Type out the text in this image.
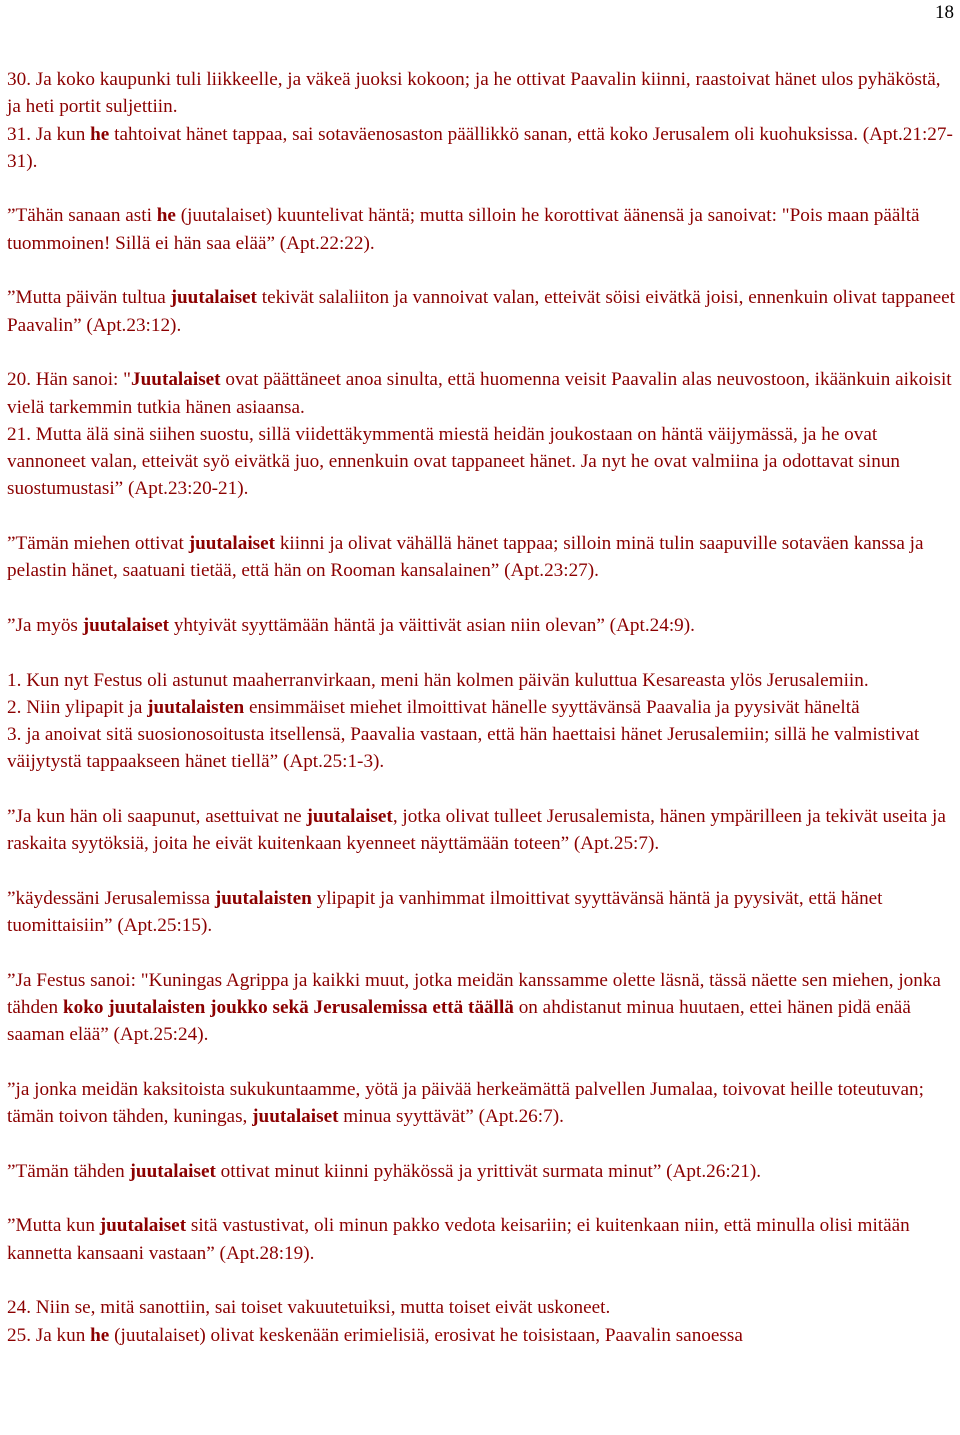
18
30. Ja koko kaupunki tuli liikkeelle, ja väkeä juoksi kokoon; ja he ottivat Paavalin kiinni, raastoivat hänet ulos pyhäköstä, ja heti portit suljettiin.
31. Ja kun he tahtoivat hänet tappaa, sai sotaväenosaston päällikkö sanan, että koko Jerusalem oli kuohuksissa. (Apt.21:27-31).
”Tähän sanaan asti he (juutalaiset) kuuntelivat häntä; mutta silloin he korottivat äänensä ja sanoivat: "Pois maan päältä tuommoinen! Sillä ei hän saa elää” (Apt.22:22).
”Mutta päivän tultua juutalaiset tekivät salaliiton ja vannoivat valan, etteivät söisi eivätkä joisi, ennenkuin olivat tappaneet Paavalin” (Apt.23:12).
20. Hän sanoi: "Juutalaiset ovat päättäneet anoa sinulta, että huomenna veisit Paavalin alas neuvostoon, ikäänkuin aikoisit vielä tarkemmin tutkia hänen asiaansa.
21. Mutta älä sinä siihen suostu, sillä viidettäkymmentä miestä heidän joukostaan on häntä väijymässä, ja he ovat vannoneet valan, etteivät syö eivätkä juo, ennenkuin ovat tappaneet hänet. Ja nyt he ovat valmiina ja odottavat sinun suostumustasi” (Apt.23:20-21).
”Tämän miehen ottivat juutalaiset kiinni ja olivat vähällä hänet tappaa; silloin minä tulin saapuville sotaväen kanssa ja pelastin hänet, saatuani tietää, että hän on Rooman kansalainen” (Apt.23:27).
”Ja myös juutalaiset yhtyivät syyttämään häntä ja väittivät asian niin olevan” (Apt.24:9).
1. Kun nyt Festus oli astunut maaherranvirkaan, meni hän kolmen päivän kuluttua Kesareasta ylös Jerusalemiin.
2. Niin ylipapit ja juutalaisten ensimmäiset miehet ilmoittivat hänelle syyttävänsä Paavalia ja pyysivät häneltä
3. ja anoivat sitä suosionosoitusta itsellensä, Paavalia vastaan, että hän haettaisi hänet Jerusalemiin; sillä he valmistivat väijytystä tappaakseen hänet tiellä” (Apt.25:1-3).
”Ja kun hän oli saapunut, asettuivat ne juutalaiset, jotka olivat tulleet Jerusalemista, hänen ympärilleen ja tekivät useita ja raskaita syytöksiä, joita he eivät kuitenkaan kyenneet näyttämään toteen” (Apt.25:7).
”käydessäni Jerusalemissa juutalaisten ylipapit ja vanhimmat ilmoittivat syyttävänsä häntä ja pyysivät, että hänet tuomittaisiin” (Apt.25:15).
”Ja Festus sanoi: "Kuningas Agrippa ja kaikki muut, jotka meidän kanssamme olette läsnä, tässä näette sen miehen, jonka tähden koko juutalaisten joukko sekä Jerusalemissa että täällä on ahdistanut minua huutaen, ettei hänen pidä enää saaman elää” (Apt.25:24).
”ja jonka meidän kaksitoista sukukuntaamme, yötä ja päivää herkeämättä palvellen Jumalaa, toivovat heille toteutuvan; tämän toivon tähden, kuningas, juutalaiset minua syyttävät” (Apt.26:7).
”Tämän tähden juutalaiset ottivat minut kiinni pyhäkössä ja yrittivät surmata minut” (Apt.26:21).
”Mutta kun juutalaiset sitä vastustivat, oli minun pakko vedota keisariin; ei kuitenkaan niin, että minulla olisi mitään kannetta kansaani vastaan” (Apt.28:19).
24. Niin se, mitä sanottiin, sai toiset vakuutetuiksi, mutta toiset eivät uskoneet.
25. Ja kun he (juutalaiset) olivat keskenään erimielisiä, erosivat he toisistaan, Paavalin sanoessa
